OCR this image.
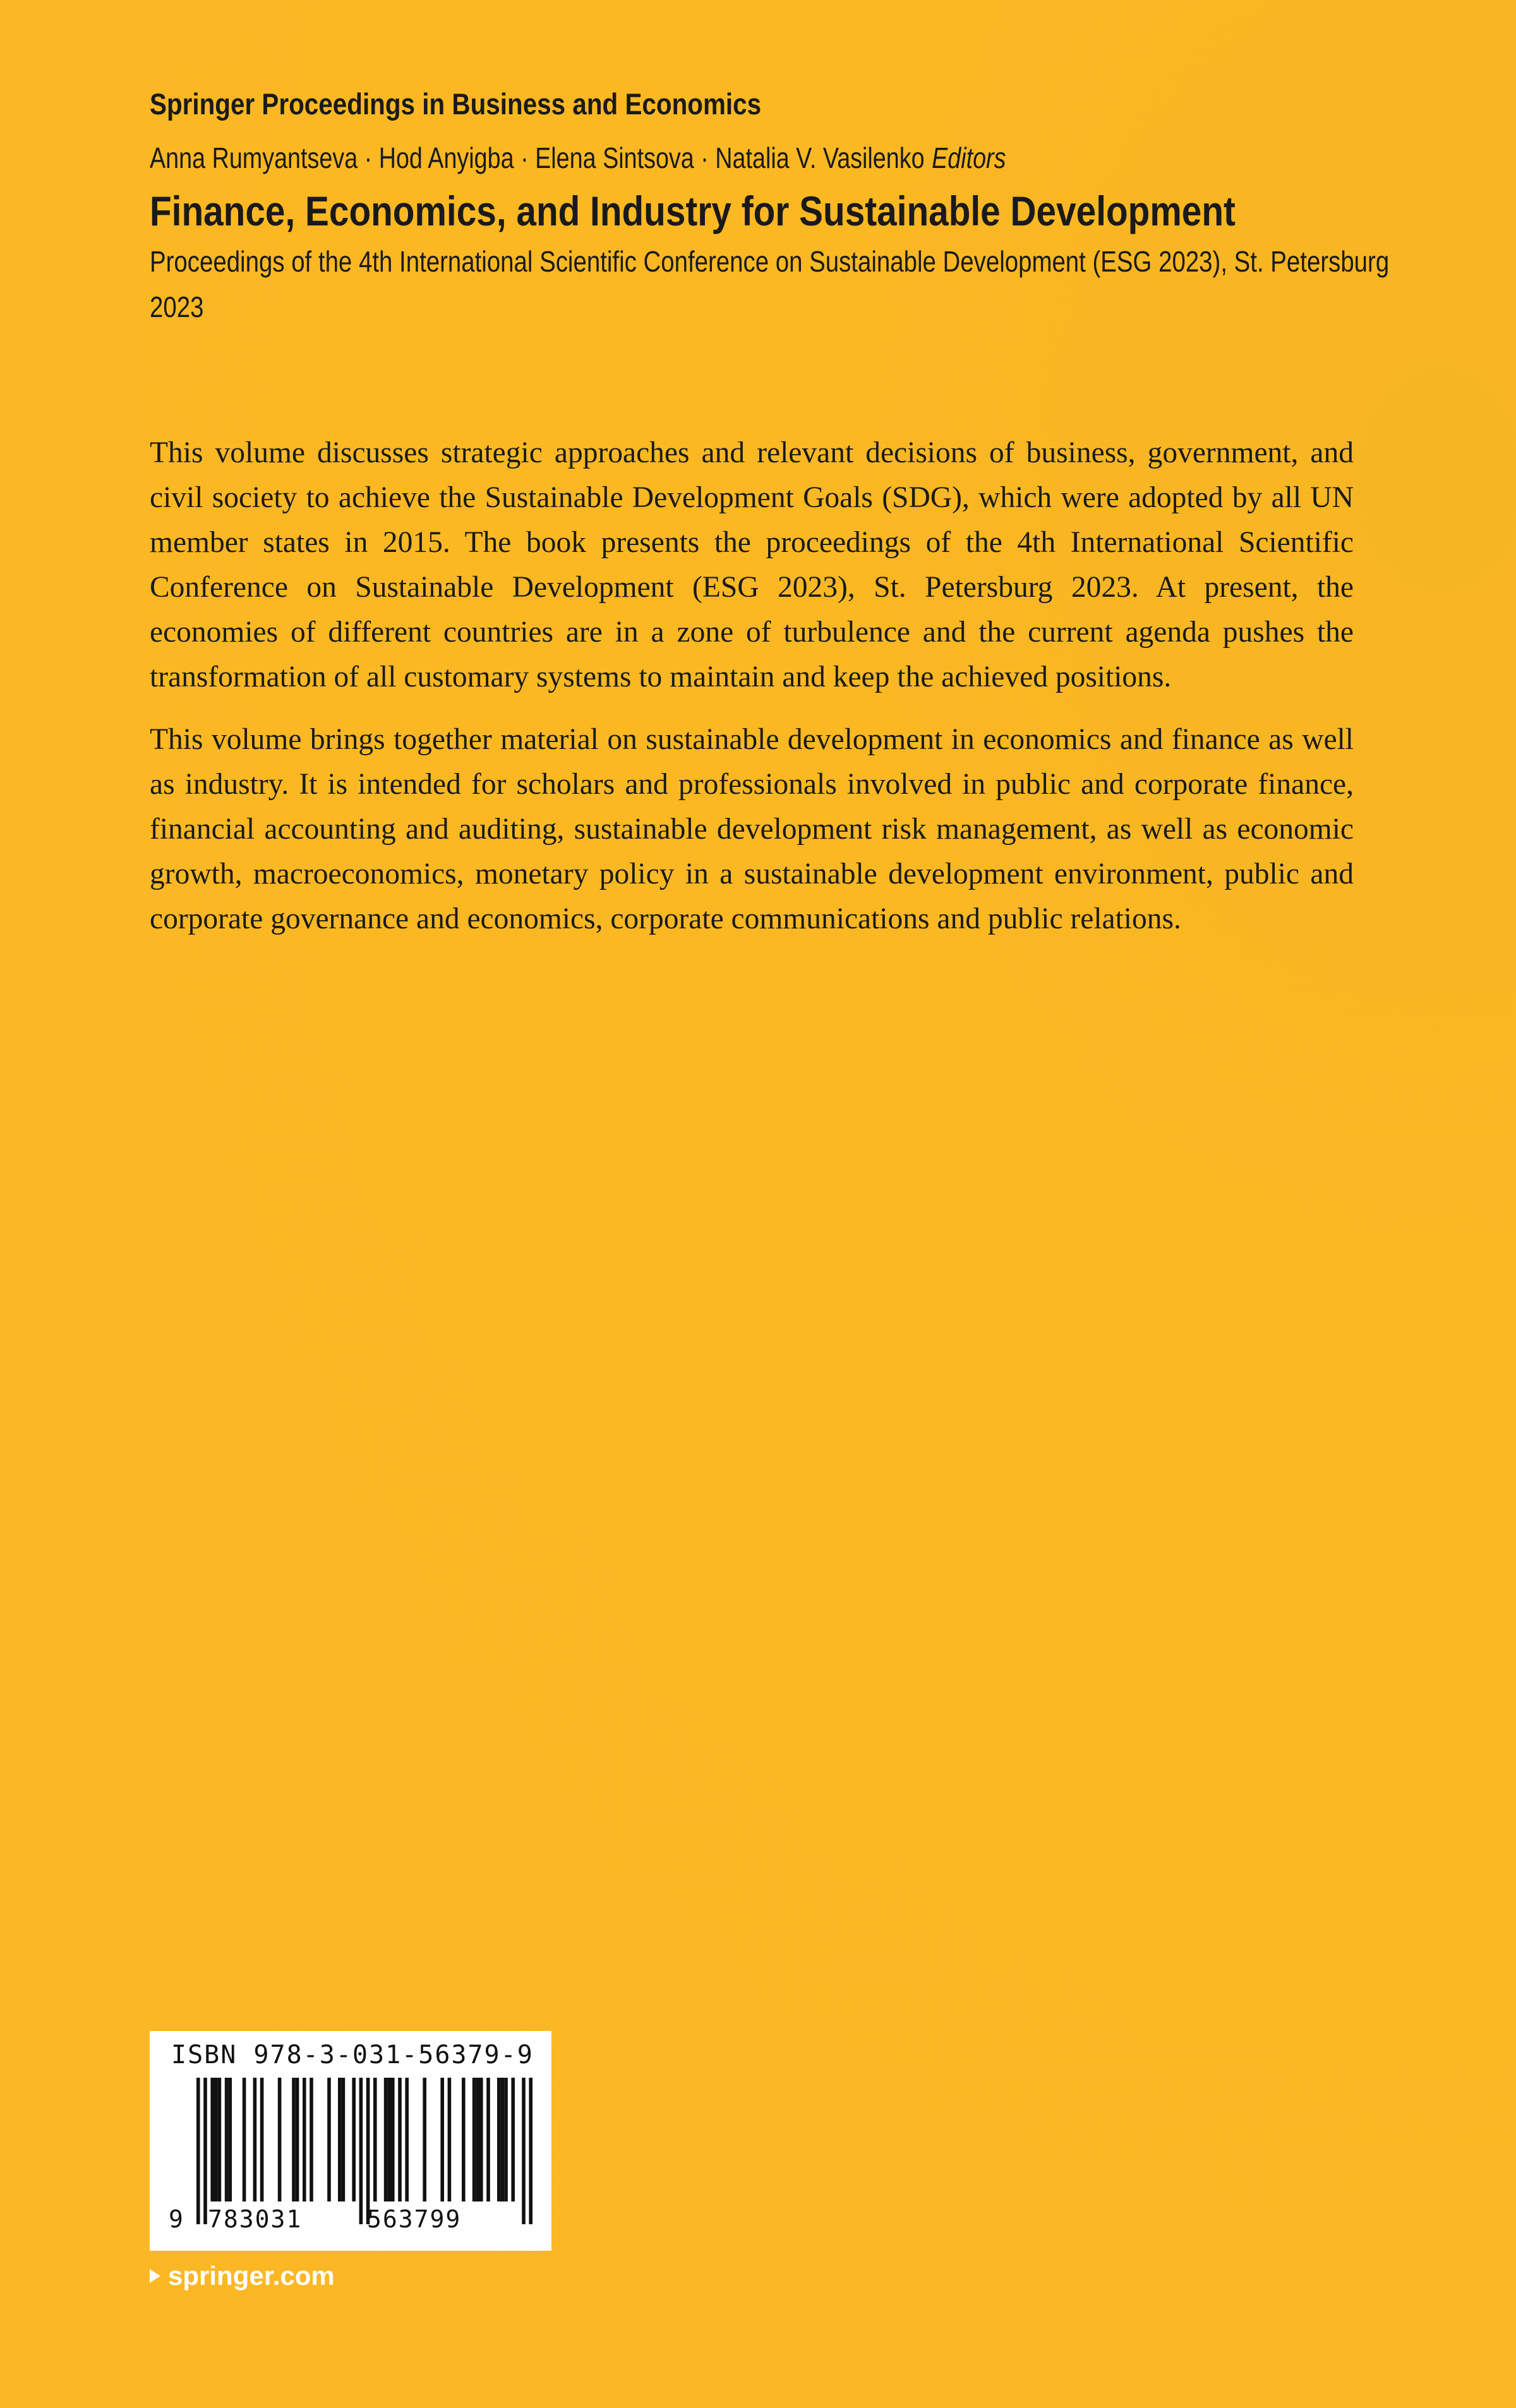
Springer Proceedings in Business and Economics
Anna Rumyantseva · Hod Anyigba · Elena Sintsova · Natalia V. Vasilenko Editors
Finance, Economics, and Industry for Sustainable Development
Proceedings of the 4th International Scientific Conference on Sustainable Development (ESG 2023), St. Petersburg 2023

This volume discusses strategic approaches and relevant decisions of business, government, and civil society to achieve the Sustainable Development Goals (SDG), which were adopted by all UN member states in 2015. The book presents the proceedings of the 4th International Scientific Conference on Sustainable Development (ESG 2023), St. Petersburg 2023. At present, the economies of different countries are in a zone of turbulence and the current agenda pushes the transformation of all customary systems to maintain and keep the achieved positions.

This volume brings together material on sustainable development in economics and finance as well as industry. It is intended for scholars and professionals involved in public and corporate finance, financial accounting and auditing, sustainable development risk management, as well as economic growth, macroeconomics, monetary policy in a sustainable development environment, public and corporate governance and economics, corporate communications and public relations.

ISBN 978-3-031-56379-9
9 783031	563799
springer.com
